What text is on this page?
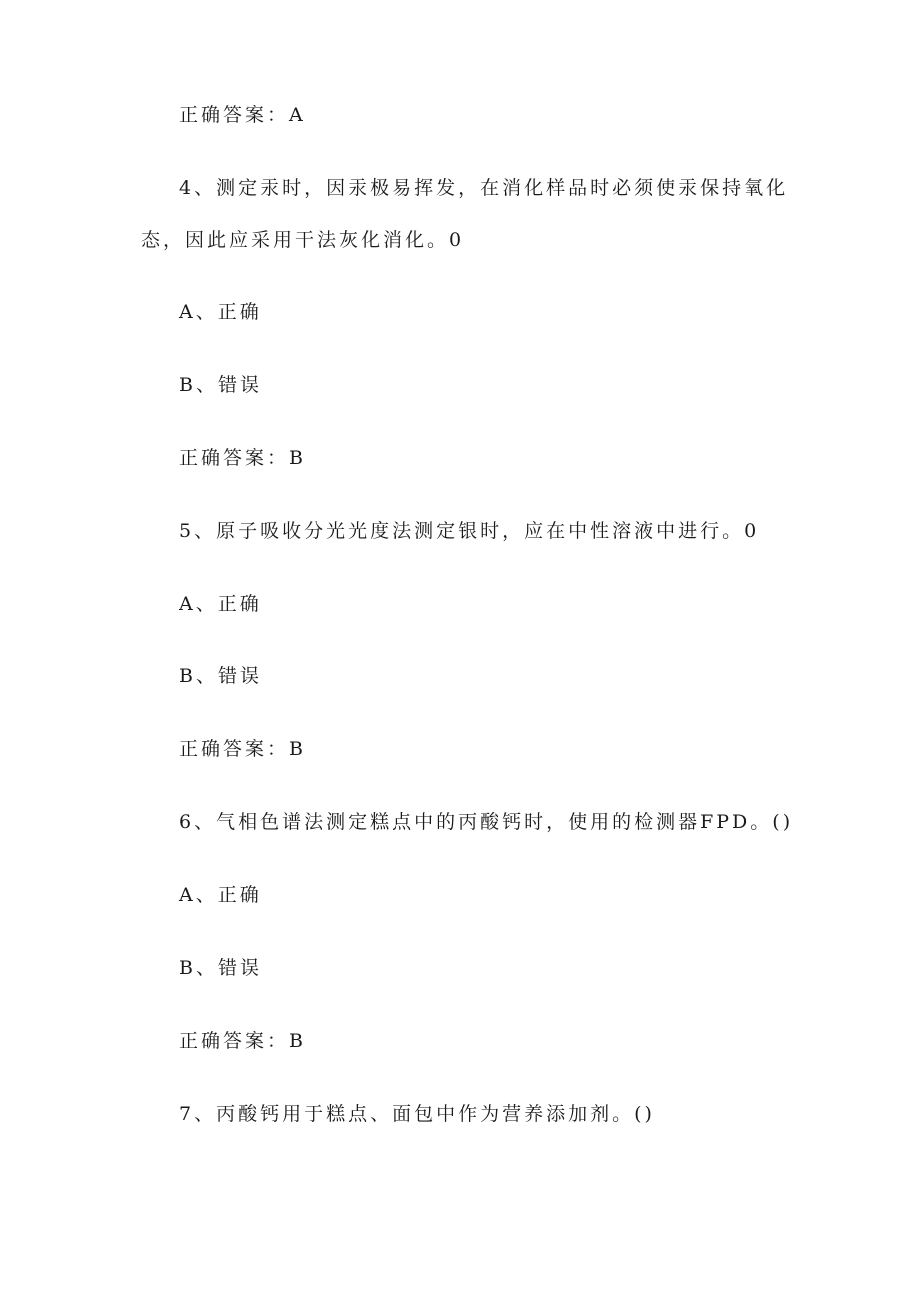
正确答案：A
4、测定汞时，因汞极易挥发，在消化样品时必须使汞保持氧化
态，因此应采用干法灰化消化。0
A、正确
B、错误
正确答案：B
5、原子吸收分光光度法测定银时，应在中性溶液中进行。0
A、正确
B、错误
正确答案：B
6、气相色谱法测定糕点中的丙酸钙时，使用的检测器FPD。()
A、正确
B、错误
正确答案：B
7、丙酸钙用于糕点、面包中作为营养添加剂。()
